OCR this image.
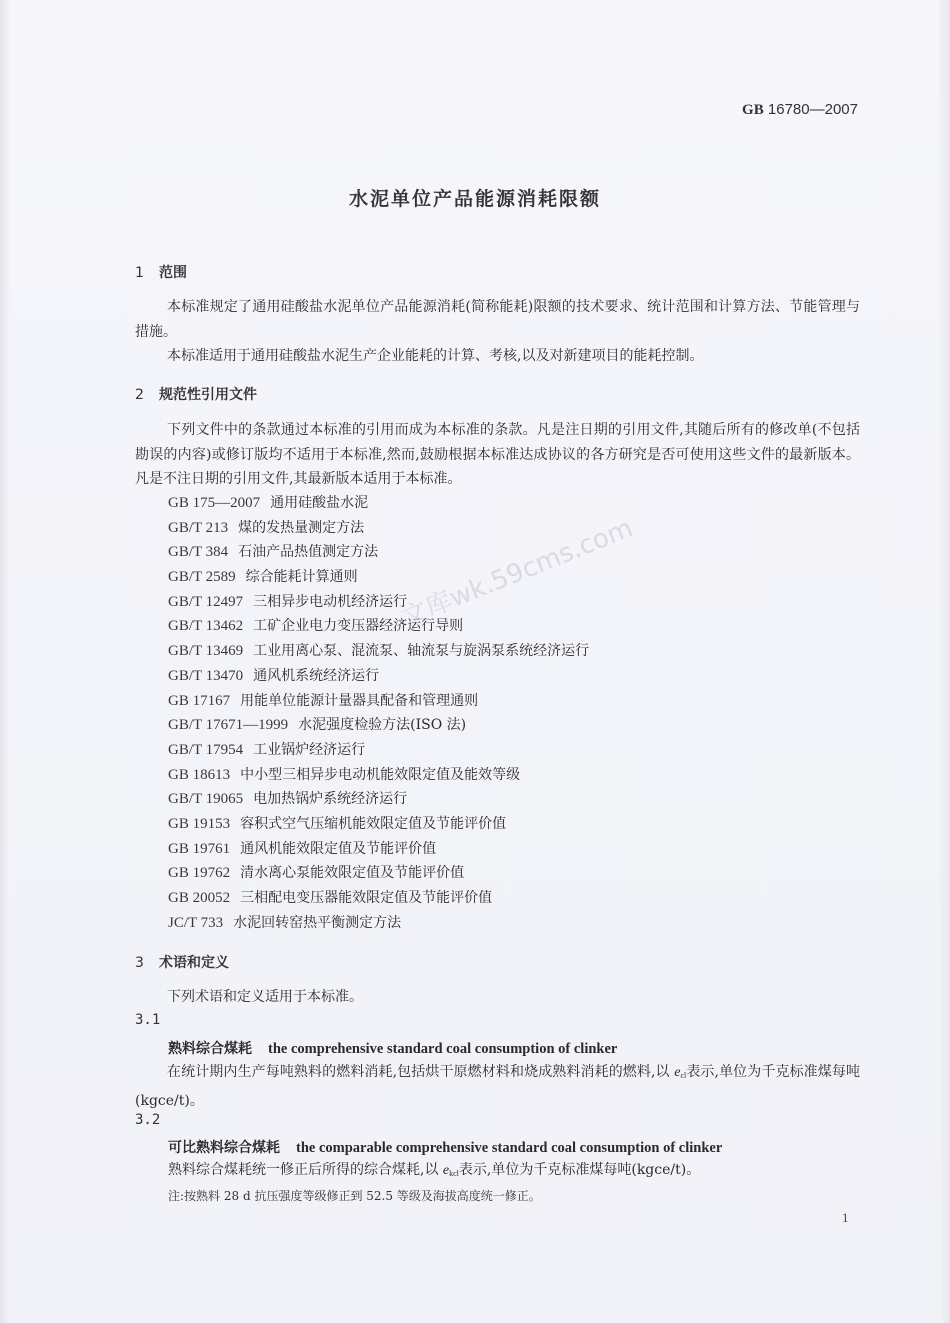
GB 16780—2007
水泥单位产品能源消耗限额
1 范围
本标准规定了通用硅酸盐水泥单位产品能源消耗(简称能耗)限额的技术要求、统计范围和计算方法、节能管理与措施。
本标准适用于通用硅酸盐水泥生产企业能耗的计算、考核,以及对新建项目的能耗控制。
2 规范性引用文件
下列文件中的条款通过本标准的引用而成为本标准的条款。凡是注日期的引用文件,其随后所有的修改单(不包括勘误的内容)或修订版均不适用于本标准,然而,鼓励根据本标准达成协议的各方研究是否可使用这些文件的最新版本。凡是不注日期的引用文件,其最新版本适用于本标准。
GB 175—2007 通用硅酸盐水泥
GB/T 213 煤的发热量测定方法
GB/T 384 石油产品热值测定方法
GB/T 2589 综合能耗计算通则
GB/T 12497 三相异步电动机经济运行
GB/T 13462 工矿企业电力变压器经济运行导则
GB/T 13469 工业用离心泵、混流泵、轴流泵与旋涡泵系统经济运行
GB/T 13470 通风机系统经济运行
GB 17167 用能单位能源计量器具配备和管理通则
GB/T 17671—1999 水泥强度检验方法(ISO 法)
GB/T 17954 工业锅炉经济运行
GB 18613 中小型三相异步电动机能效限定值及能效等级
GB/T 19065 电加热锅炉系统经济运行
GB 19153 容积式空气压缩机能效限定值及节能评价值
GB 19761 通风机能效限定值及节能评价值
GB 19762 清水离心泵能效限定值及节能评价值
GB 20052 三相配电变压器能效限定值及节能评价值
JC/T 733 水泥回转窑热平衡测定方法
3 术语和定义
下列术语和定义适用于本标准。
3.1
熟料综合煤耗 the comprehensive standard coal consumption of clinker
在统计期内生产每吨熟料的燃料消耗,包括烘干原燃材料和烧成熟料消耗的燃料,以 ecl表示,单位为千克标准煤每吨(kgce/t)。
3.2
可比熟料综合煤耗 the comparable comprehensive standard coal consumption of clinker
熟料综合煤耗统一修正后所得的综合煤耗,以 ekcl表示,单位为千克标准煤每吨(kgce/t)。
注:按熟料 28 d 抗压强度等级修正到 52.5 等级及海拔高度统一修正。
文库wk.59cms.com
1
